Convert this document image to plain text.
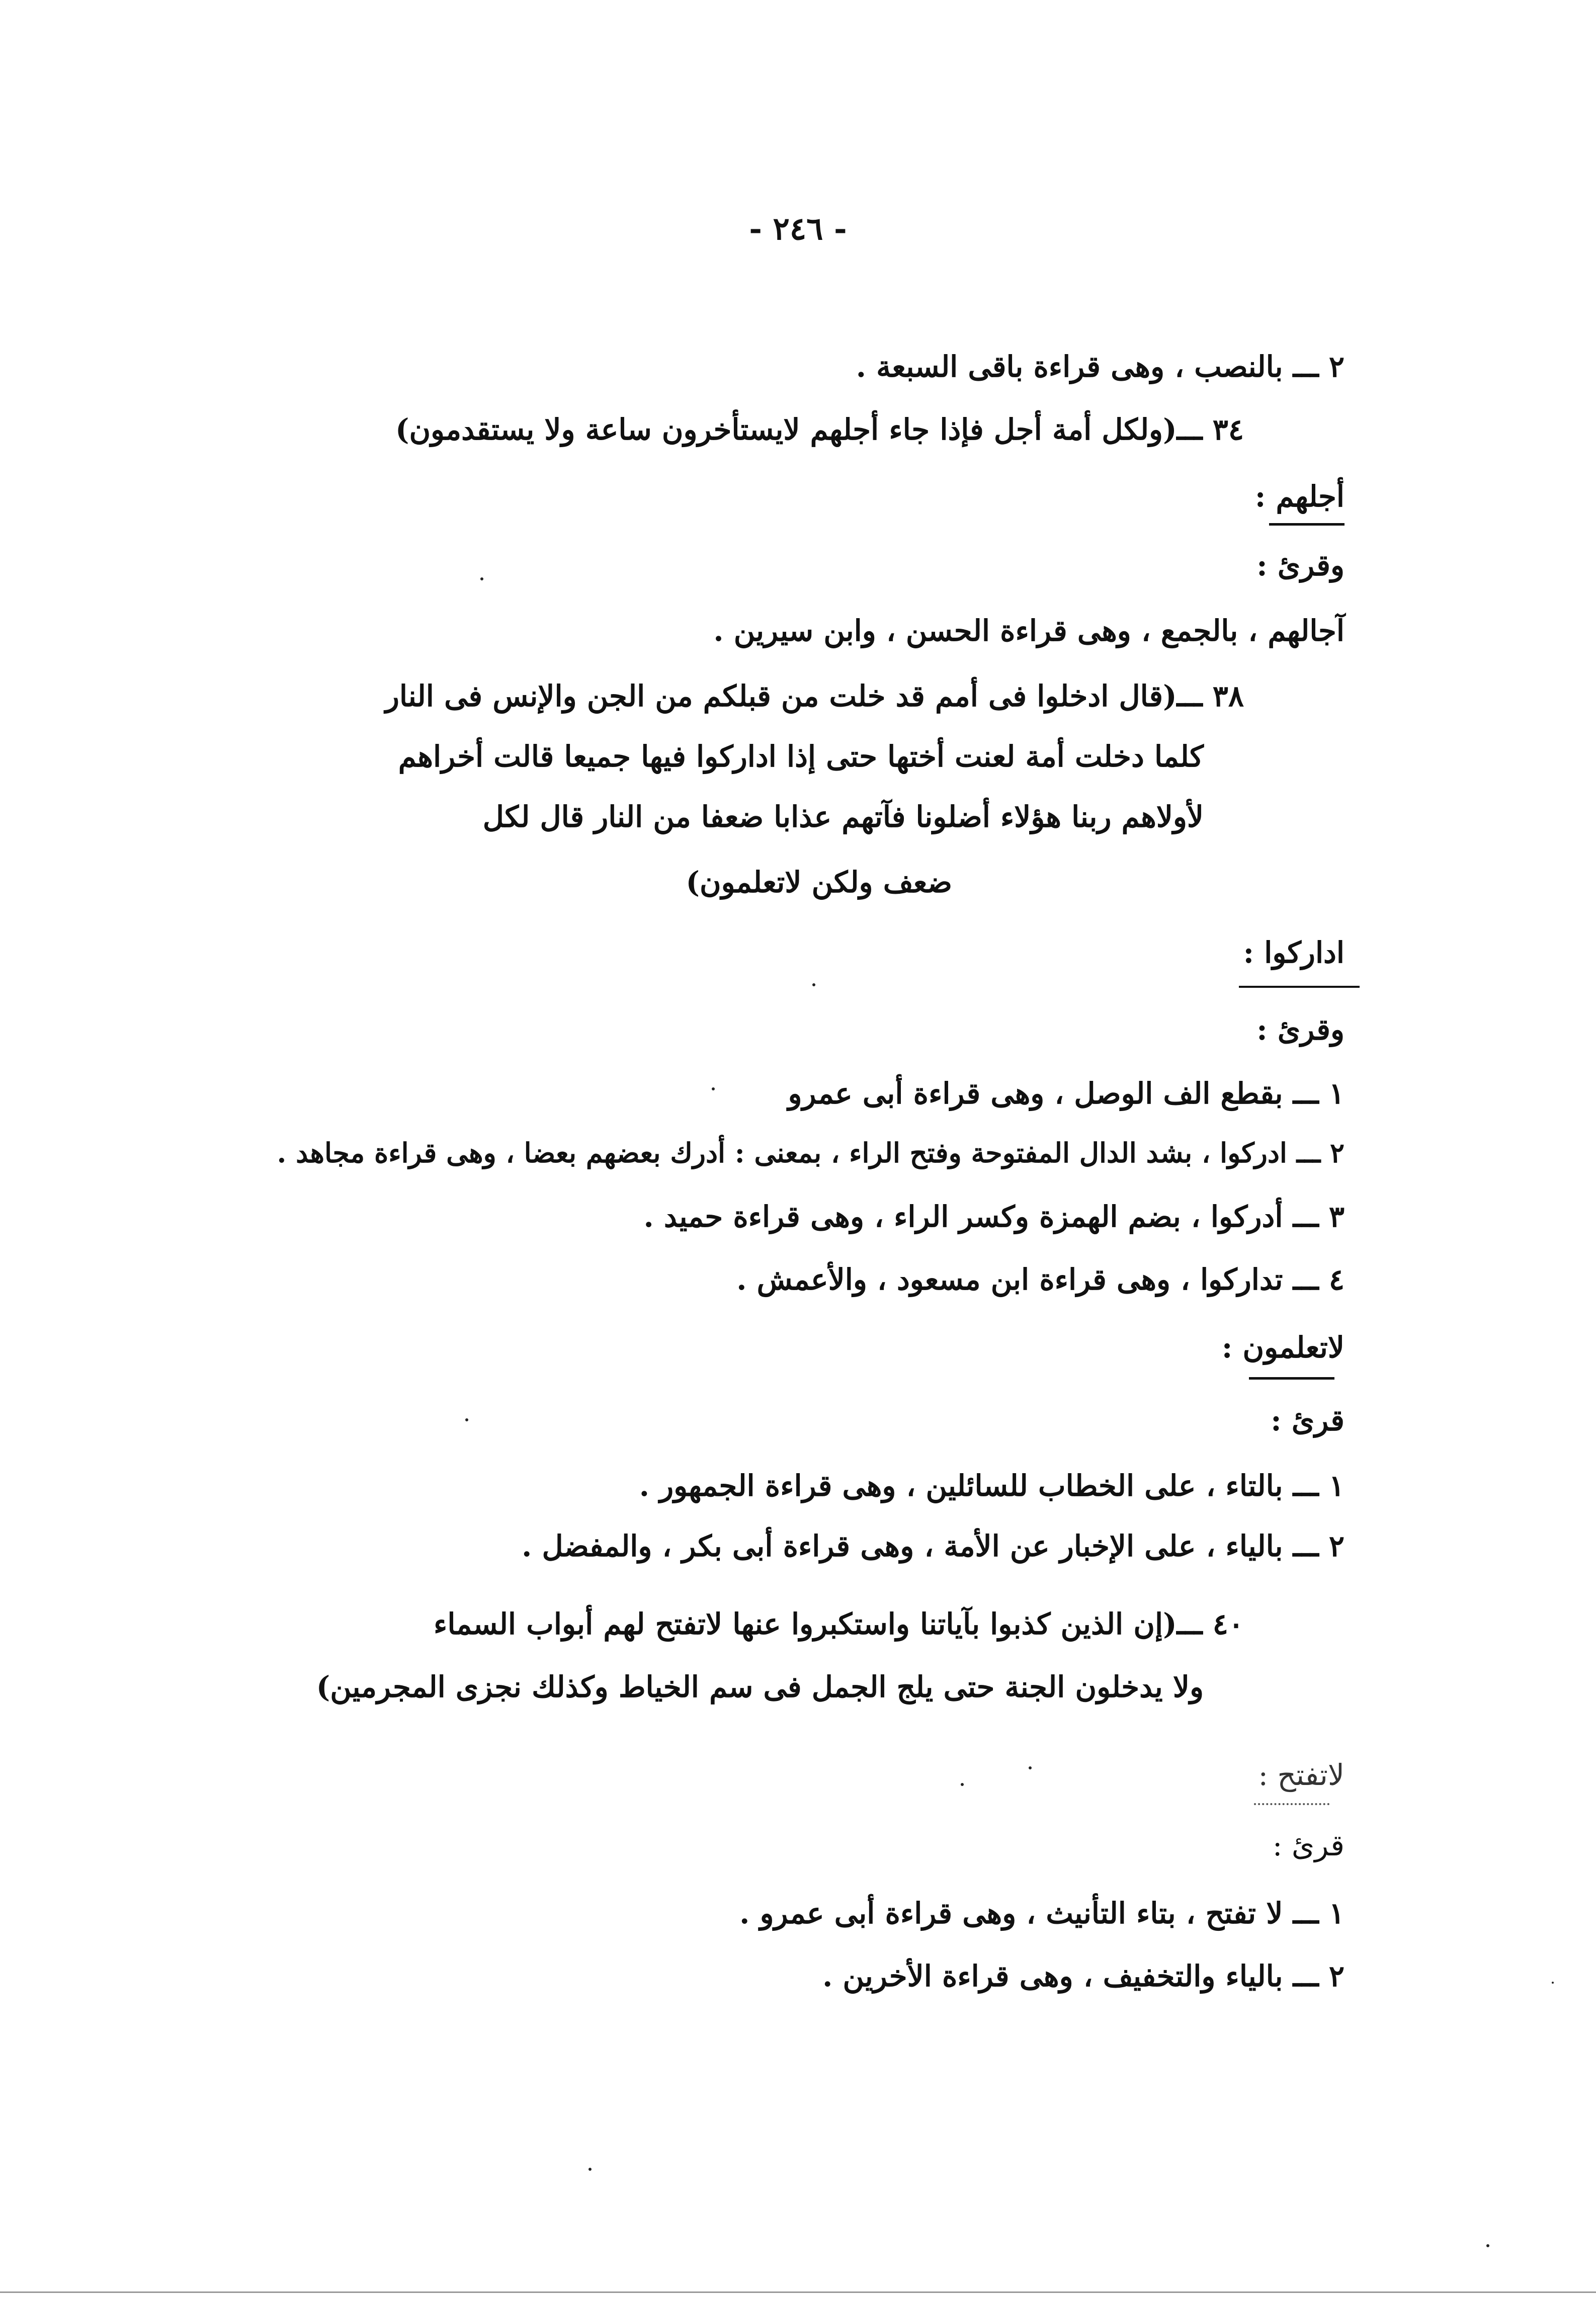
- ٢٤٦ -
٢ ـــ بالنصب ، وهى قراءة باقى السبعة .
٣٤ ـــ(ولكل أمة أجل فإذا جاء أجلهم لايستأخرون ساعة ولا يستقدمون)
أجلهم :
وقرئ :
آجالهم ، بالجمع ، وهى قراءة الحسن ، وابن سيرين .
٣٨ ـــ(قال ادخلوا فى أمم قد خلت من قبلكم من الجن والإنس فى النار
كلما دخلت أمة لعنت أختها حتى إذا اداركوا فيها جميعا قالت أخراهم
لأولاهم ربنا هؤلاء أضلونا فآتهم عذابا ضعفا من النار قال لكل
ضعف ولكن لاتعلمون)
اداركوا :
وقرئ :
١ ـــ بقطع الف الوصل ، وهى قراءة أبى عمرو
٢ ـــ ادركوا ، بشد الدال المفتوحة وفتح الراء ، بمعنى : أدرك بعضهم بعضا ، وهى قراءة مجاهد .
٣ ـــ أدركوا ، بضم الهمزة وكسر الراء ، وهى قراءة حميد .
٤ ـــ تداركوا ، وهى قراءة ابن مسعود ، والأعمش .
لاتعلمون :
قرئ :
١ ـــ بالتاء ، على الخطاب للسائلين ، وهى قراءة الجمهور .
٢ ـــ بالياء ، على الإخبار عن الأمة ، وهى قراءة أبى بكر ، والمفضل .
٤٠ ـــ(إن الذين كذبوا بآياتنا واستكبروا عنها لاتفتح لهم أبواب السماء
ولا يدخلون الجنة حتى يلج الجمل فى سم الخياط وكذلك نجزى المجرمين)
لاتفتح :
قرئ :
١ ـــ لا تفتح ، بتاء التأنيث ، وهى قراءة أبى عمرو .
٢ ـــ بالياء والتخفيف ، وهى قراءة الأخرين .
